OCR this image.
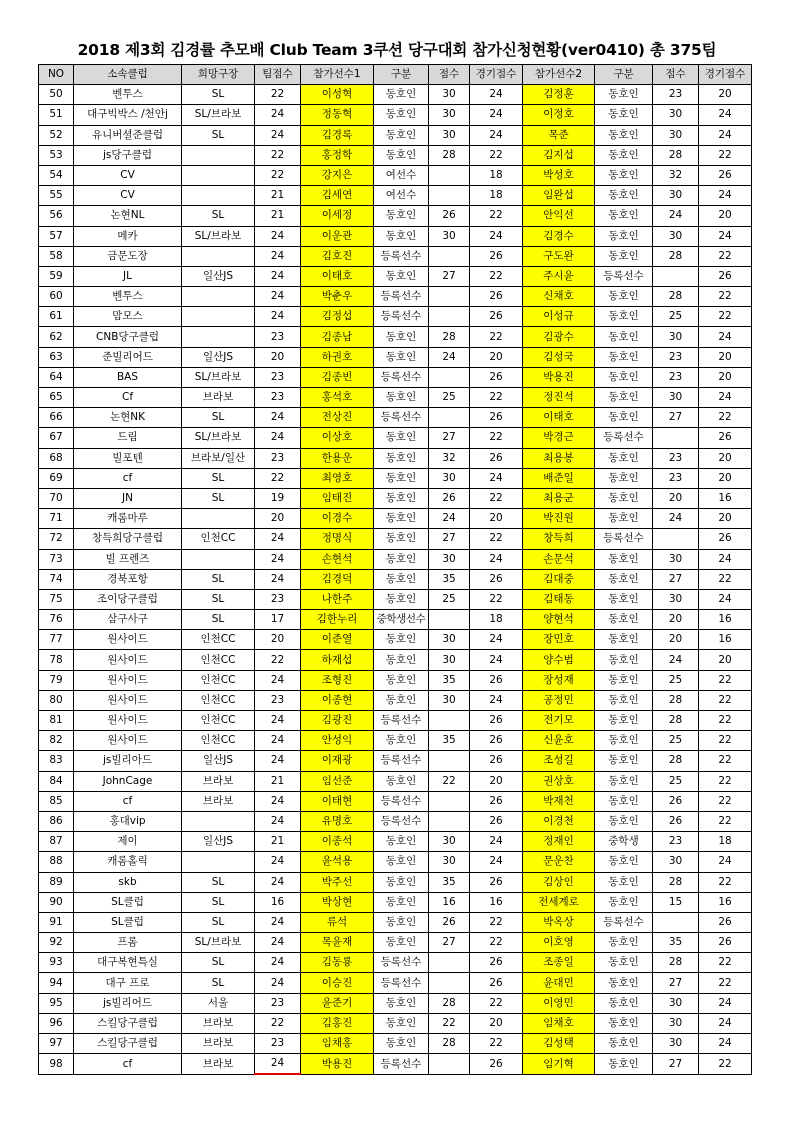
2018 제3회 김경률 추모배 Club Team 3쿠션 당구대회 참가신청현황(ver0410) 총 375팀
NO	소속클럽	희망구장	팀점수	참가선수1	구분	점수	경기점수	참가선수2	구분	점수	경기점수
50	벤투스	SL	22	이성혁	동호인	30	24	김정훈	동호인	23	20
51	대구빅박스 /천안j	SL/브라보	24	정동혁	동호인	30	24	이정호	동호인	30	24
52	유니버셜준클럽	SL	24	김경록	동호인	30	24	목준	동호인	30	24
53	js당구클럽		22	홍정학	동호인	28	22	김지섭	동호인	28	22
54	CV		22	강지은	여선수		18	박성호	동호인	32	26
55	CV		21	김세연	여선수		18	임완섭	동호인	30	24
56	논현NL	SL	21	이세정	동호인	26	22	안익선	동호인	24	20
57	메카	SL/브라보	24	이운관	동호인	30	24	김경수	동호인	30	24
58	금문도장		24	김호진	등록선수		26	구도완	동호인	28	22
59	JL	일산JS	24	이태호	동호인	27	22	주시윤	등록선수		26
60	벤투스		24	박춘우	등록선수		26	신채호	동호인	28	22
61	맘모스		24	김정섭	등록선수		26	이성규	동호인	25	22
62	CNB당구클럽		23	김종남	동호인	28	22	김광수	동호인	30	24
63	준빌리어드	일산JS	20	하권호	동호인	24	20	김성국	동호인	23	20
64	BAS	SL/브라보	23	김종빈	등록선수		26	박용진	동호인	23	20
65	Cf	브라보	23	홍석호	동호인	25	22	정진석	동호인	30	24
66	논현NK	SL	24	전상진	등록선수		26	이태호	동호인	27	22
67	드림	SL/브라보	24	이상호	동호인	27	22	박경근	등록선수		26
68	빌포텐	브라보/일산	23	한용운	동호인	32	26	최용봉	동호인	23	20
69	cf	SL	22	최영호	동호인	30	24	배준일	동호인	23	20
70	JN	SL	19	임태진	동호인	26	22	최용군	동호인	20	16
71	캐롬마루		20	이경수	동호인	24	20	박진원	동호인	24	20
72	창득희당구클럽	인천CC	24	정명식	동호인	27	22	창득희	등록선수		26
73	빌 프렌즈		24	손현석	동호인	30	24	손문석	동호인	30	24
74	경북포항	SL	24	김경덕	동호인	35	26	김대중	동호인	27	22
75	조이당구클럽	SL	23	나한주	동호인	25	22	김태동	동호인	30	24
76	삼구사구	SL	17	김한누리	중학생선수		18	양현석	동호인	20	16
77	원사이드	인천CC	20	이준열	동호인	30	24	장민호	동호인	20	16
78	원사이드	인천CC	22	하재섭	동호인	30	24	양수범	동호인	24	20
79	원사이드	인천CC	24	조형진	동호인	35	26	장성재	동호인	25	22
80	원사이드	인천CC	23	이종현	동호인	30	24	공정민	동호인	28	22
81	원사이드	인천CC	24	김광진	등록선수		26	전기모	동호인	28	22
82	원사이드	인천CC	24	안성익	동호인	35	26	신윤호	동호인	25	22
83	js빌리아드	일산JS	24	이재광	등록선수		26	조성길	동호인	28	22
84	JohnCage	브라보	21	임선준	동호인	22	20	권상호	동호인	25	22
85	cf	브라보	24	이태현	등록선수		26	박재천	동호인	26	22
86	홍대vip		24	유명호	등록선수		26	이경천	동호인	26	22
87	제이	일산JS	21	이종석	동호인	30	24	정재인	중학생	23	18
88	캐롬홀릭		24	윤석용	동호인	30	24	문운찬	동호인	30	24
89	skb	SL	24	박주선	동호인	35	26	김상인	동호인	28	22
90	SL클럽	SL	16	박상현	동호인	16	16	전세계로	동호인	15	16
91	SL클럽	SL	24	류석	동호인	26	22	박옥상	등록선수		26
92	프롬	SL/브라보	24	목윤재	동호인	27	22	이호영	동호인	35	26
93	대구복현특실	SL	24	김동룡	등록선수		26	조종일	동호인	28	22
94	대구 프로	SL	24	이승진	등록선수		26	윤대민	동호인	27	22
95	js빌리어드	서울	23	윤준기	동호인	28	22	이영민	동호인	30	24
96	스킬당구클럽	브라보	22	김홍진	동호인	22	20	임채호	동호인	30	24
97	스킬당구클럽	브라보	23	임채홍	동호인	28	22	김성택	동호인	30	24
98	cf	브라보	24	박용진	등록선수		26	임기혁	동호인	27	22
